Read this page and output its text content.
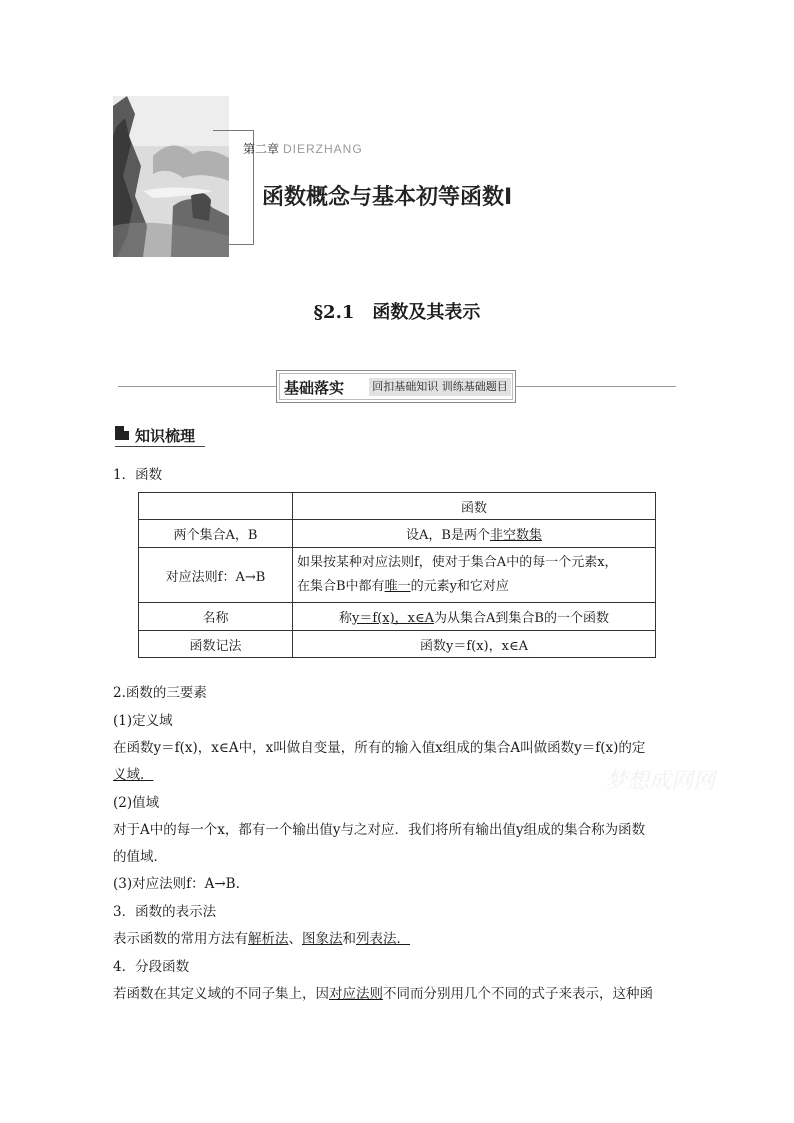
第二章 DIERZHANG
函数概念与基本初等函数Ⅰ
§2.1　函数及其表示
基础落实	回扣基础知识 训练基础题目
知识梳理
1．函数
	函数
两个集合A，B	设A，B是两个非空数集
对应法则f：A→B	如果按某种对应法则f，使对于集合A中的每一个元素x，
在集合B中都有唯一的元素y和它对应

名称	称y＝f(x)，x∈A为从集合A到集合B的一个函数
函数记法	函数y＝f(x)，x∈A
2.函数的三要素
(1)定义域
在函数y＝f(x)，x∈A中，x叫做自变量，所有的输入值x组成的集合A叫做函数y＝f(x)的定
义域．
(2)值域
对于A中的每一个x，都有一个输出值y与之对应．我们将所有输出值y组成的集合称为函数
的值域．
(3)对应法则f：A→B.
3．函数的表示法
表示函数的常用方法有解析法、图象法和列表法．
4．分段函数
若函数在其定义域的不同子集上，因对应法则不同而分别用几个不同的式子来表示，这种函
梦想成网网
